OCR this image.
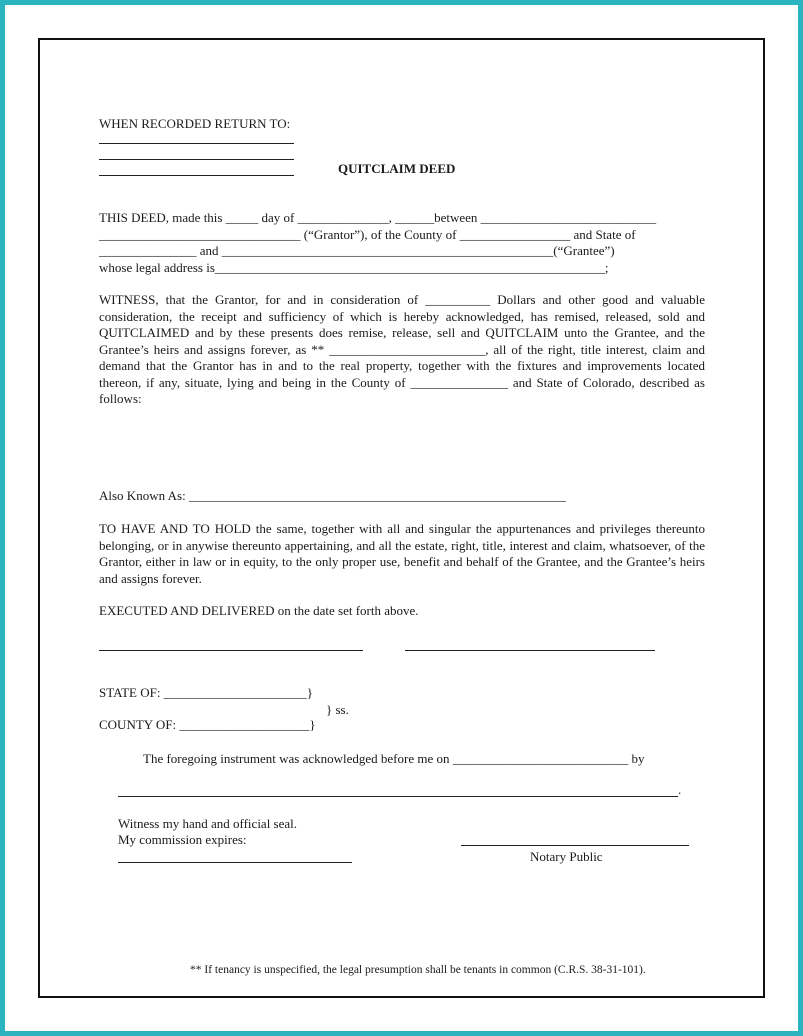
WHEN RECORDED RETURN TO:
QUITCLAIM DEED

THIS DEED, made this _____ day of ______________, ______between ___________________________

_______________________________ (“Grantor”), of the County of _________________ and State of

_______________ and ___________________________________________________(“Grantee”)

whose legal address is____________________________________________________________;

WITNESS, that the Grantor, for and in consideration of __________ Dollars and other good and valuable consideration, the receipt and sufficiency of which is hereby acknowledged, has remised, released, sold and QUITCLAIMED and by these presents does remise, release, sell and QUITCLAIM unto the Grantee, and the Grantee’s heirs and assigns forever, as ** ________________________, all of the right, title interest, claim and demand that the Grantor has in and to the real property, together with the fixtures and improvements located thereon, if any, situate, lying and being in the County of _______________ and State of Colorado, described as follows:
Also Known As: __________________________________________________________
TO HAVE AND TO HOLD the same, together with all and singular the appurtenances and privileges thereunto belonging, or in anywise thereunto appertaining, and all the estate, right, title, interest and claim, whatsoever, of the Grantor, either in law or in equity, to the only proper use, benefit and behalf of the Grantee, and the Grantee’s heirs and assigns forever.
EXECUTED AND DELIVERED on the date set forth above.
STATE OF: ______________________}
} ss.
COUNTY OF: ____________________}
The foregoing instrument was acknowledged before me on ___________________________ by
.
Witness my hand and official seal.
My commission expires:
Notary Public
** If tenancy is unspecified, the legal presumption shall be tenants in common (C.R.S. 38-31-101).
